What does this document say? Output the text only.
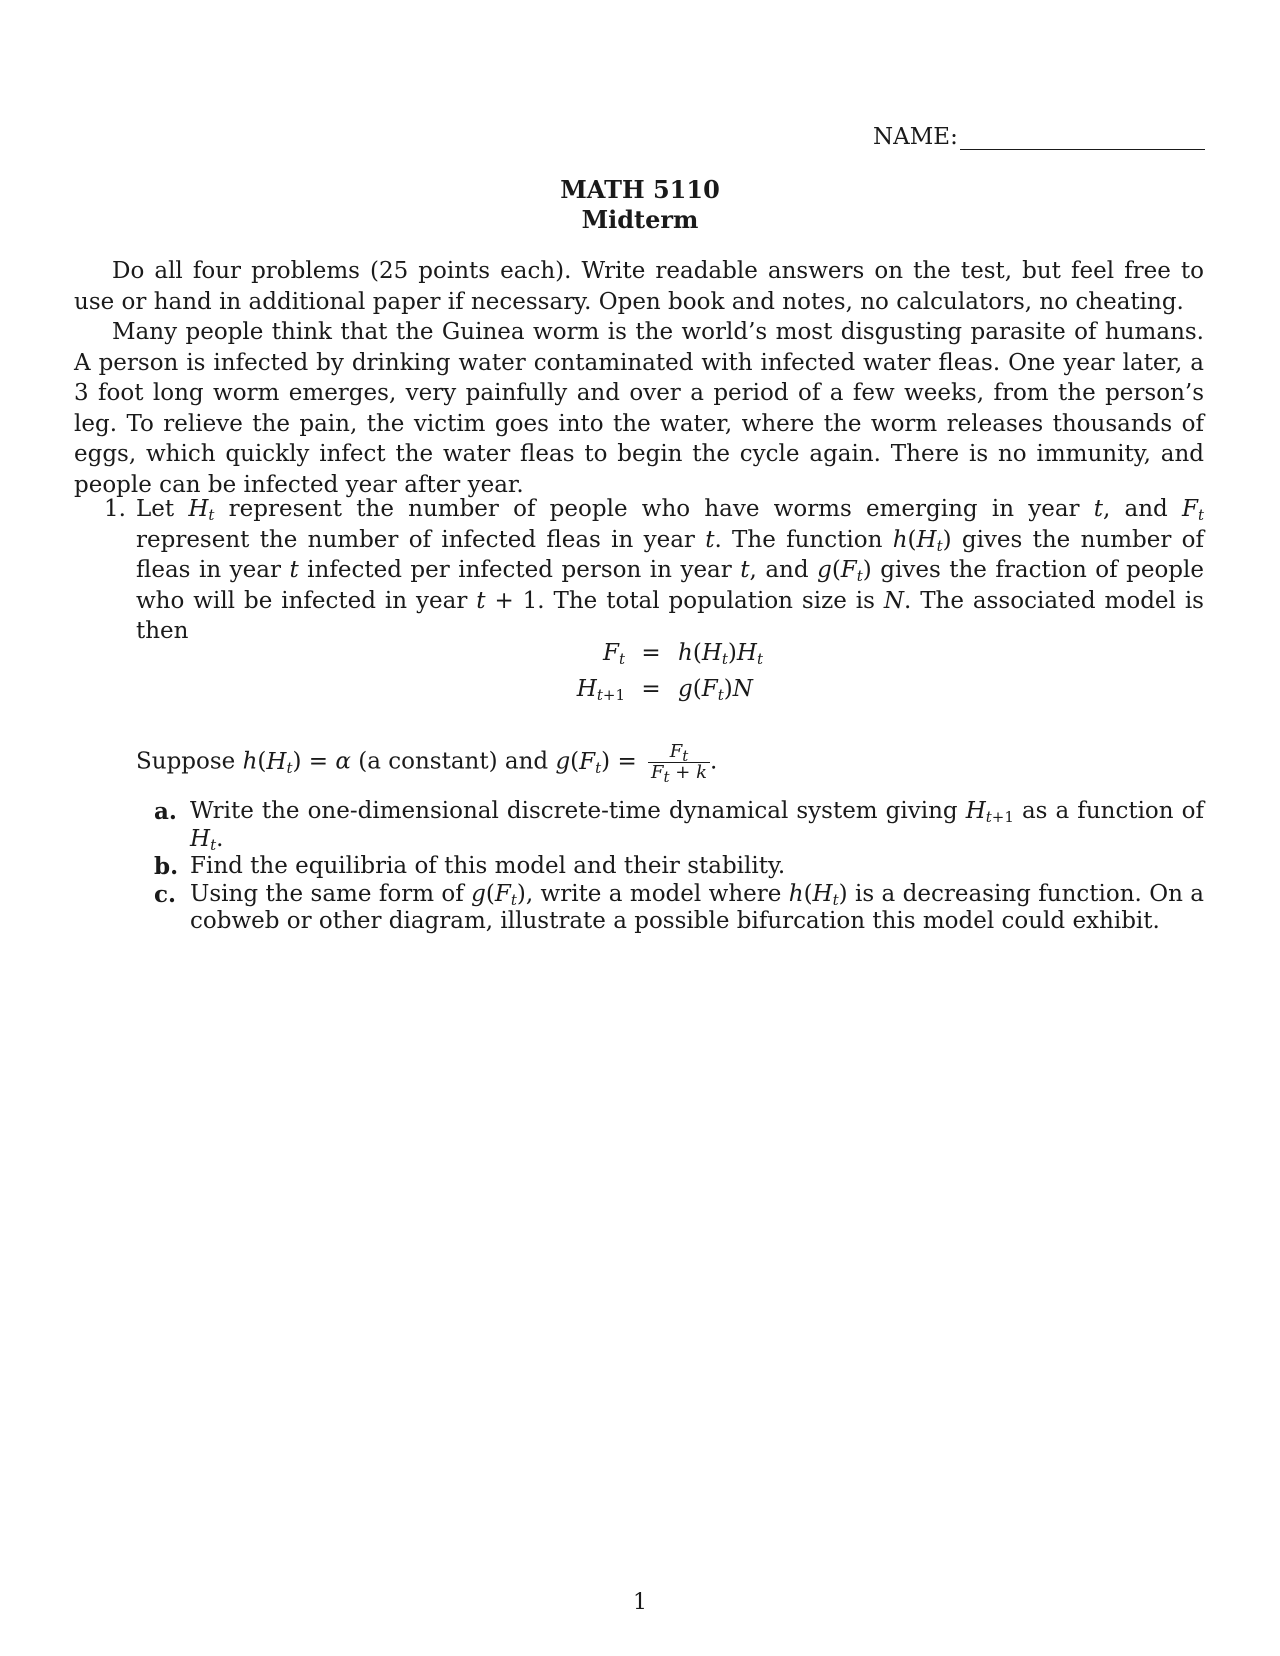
NAME:
MATH 5110
Midterm

Do all four problems (25 points each). Write readable answers on the test, but feel free to use or hand in additional paper if necessary. Open book and notes, no calculators, no cheating.

Many people think that the Guinea worm is the world’s most disgusting parasite of humans. A person is infected by drinking water contaminated with infected water fleas. One year later, a 3 foot long worm emerges, very painfully and over a period of a few weeks, from the person’s leg. To relieve the pain, the victim goes into the water, where the worm releases thousands of eggs, which quickly infect the water fleas to begin the cycle again. There is no immunity, and people can be infected year after year.

1. Let $H_t$ represent the number of people who have worms emerging in year t, and $F_t$ represent the number of infected fleas in year t. The function $h(H_t)$ gives the number of fleas in year t infected per infected person in year t, and $g(F_t)$ gives the fraction of people who will be infected in year t + 1. The total population size is N. The associated model is then
$F_t = h(H_t)H_t$
$H_{t+1} = g(F_t)N$
Suppose $h(H_t) = \alpha$ (a constant) and $g(F_t) = \frac{F_t}{F_t + k}$ .
a. Write the one-dimensional discrete-time dynamical system giving $H_{t+1}$ as a function of $H_t$.
b. Find the equilibria of this model and their stability.
c. Using the same form of $g(F_t)$, write a model where $h(H_t)$ is a decreasing function. On a cobweb or other diagram, illustrate a possible bifurcation this model could exhibit.
1
